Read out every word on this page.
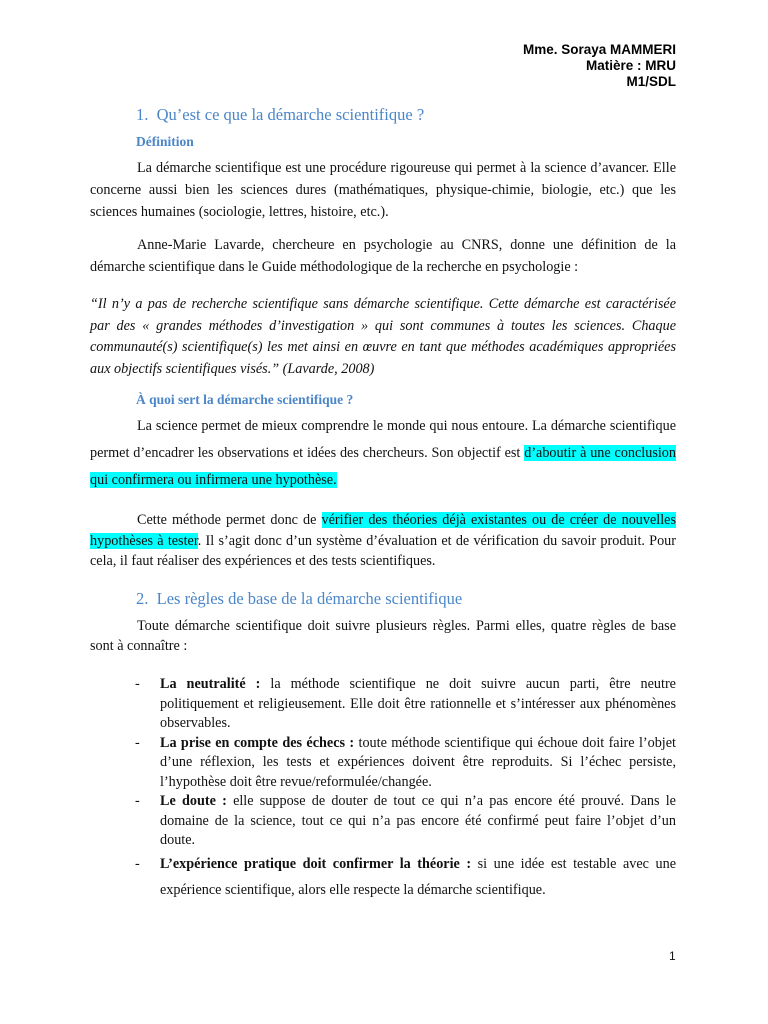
Mme. Soraya MAMMERI
Matière : MRU
M1/SDL
1. Qu’est ce que la démarche scientifique ?
Définition

La démarche scientifique est une procédure rigoureuse qui permet à la science d’avancer. Elle concerne aussi bien les sciences dures (mathématiques, physique-chimie, biologie, etc.) que les sciences humaines (sociologie, lettres, histoire, etc.).

Anne-Marie Lavarde, chercheure en psychologie au CNRS, donne une définition de la démarche scientifique dans le Guide méthodologique de la recherche en psychologie :

“Il n’y a pas de recherche scientifique sans démarche scientifique. Cette démarche est caractérisée par des « grandes méthodes d’investigation » qui sont communes à toutes les sciences. Chaque communauté(s) scientifique(s) les met ainsi en œuvre en tant que méthodes académiques appropriées aux objectifs scientifiques visés.” (Lavarde, 2008)

À quoi sert la démarche scientifique ?

La science permet de mieux comprendre le monde qui nous entoure. La démarche scientifique permet d’encadrer les observations et idées des chercheurs. Son objectif est d’aboutir à une conclusion qui confirmera ou infirmera une hypothèse.

Cette méthode permet donc de vérifier des théories déjà existantes ou de créer de nouvelles hypothèses à tester. Il s’agit donc d’un système d’évaluation et de vérification du savoir produit. Pour cela, il faut réaliser des expériences et des tests scientifiques.

2. Les règles de base de la démarche scientifique

Toute démarche scientifique doit suivre plusieurs règles. Parmi elles, quatre règles de base sont à connaître :

- La neutralité : la méthode scientifique ne doit suivre aucun parti, être neutre politiquement et religieusement. Elle doit être rationnelle et s’intéresser aux phénomènes observables.
- La prise en compte des échecs : toute méthode scientifique qui échoue doit faire l’objet d’une réflexion, les tests et expériences doivent être reproduits. Si l’échec persiste, l’hypothèse doit être revue/reformulée/changée.
- Le doute : elle suppose de douter de tout ce qui n’a pas encore été prouvé. Dans le domaine de la science, tout ce qui n’a pas encore été confirmé peut faire l’objet d’un doute.
- L’expérience pratique doit confirmer la théorie : si une idée est testable avec une expérience scientifique, alors elle respecte la démarche scientifique.
1
